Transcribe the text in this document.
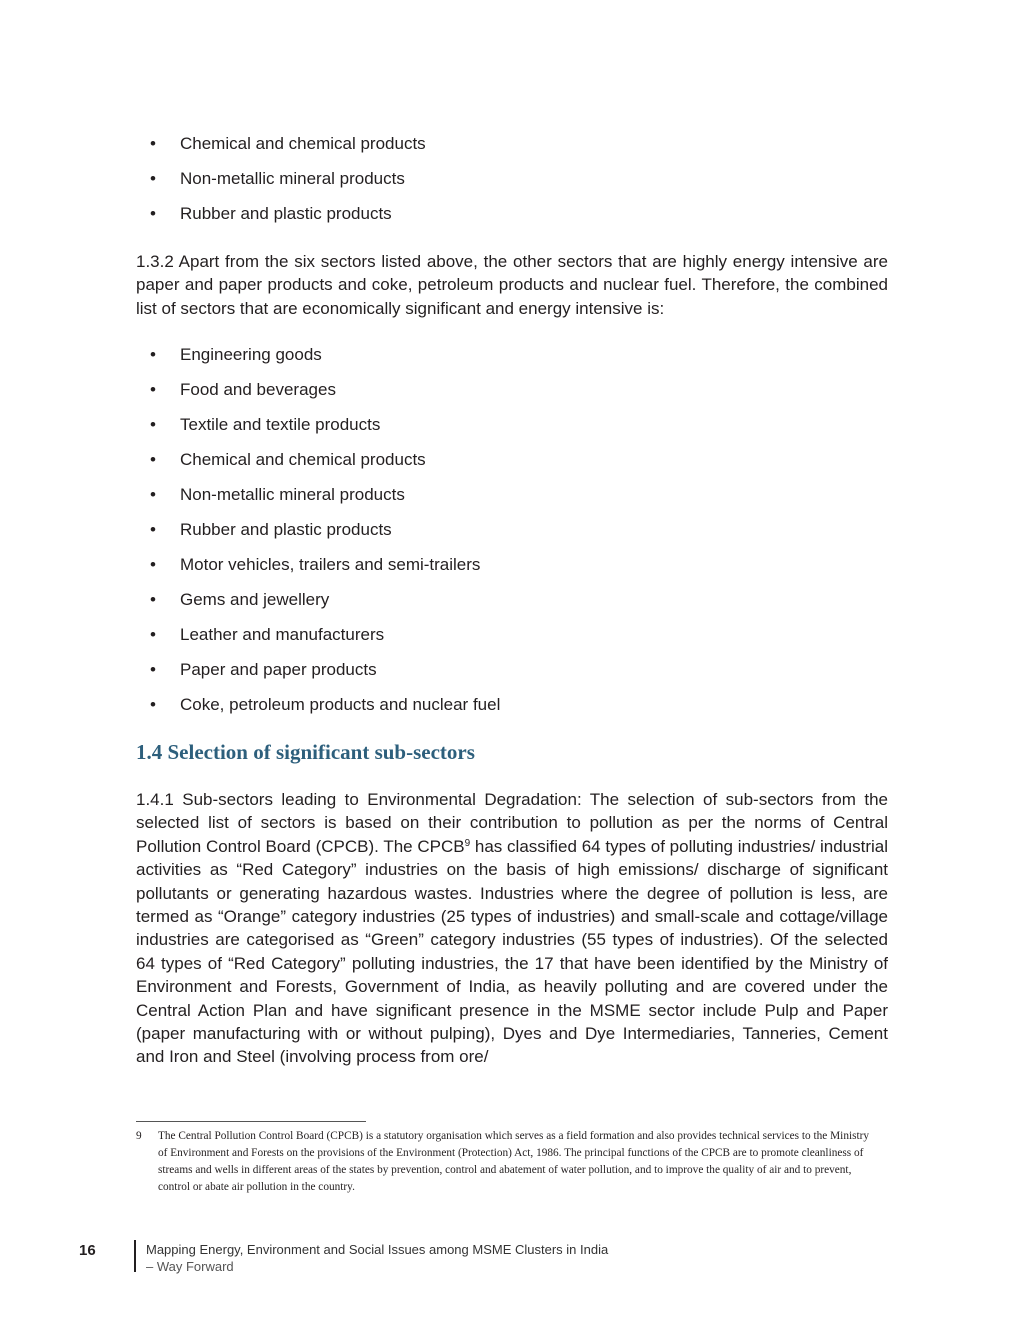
•	Chemical and chemical products
•	Non-metallic mineral products
•	Rubber and plastic products

1.3.2 Apart from the six sectors listed above, the other sectors that are highly energy intensive are paper and paper products and coke, petroleum products and nuclear fuel. Therefore, the combined list of sectors that are economically significant and energy intensive is:

•	Engineering goods
•	Food and beverages
•	Textile and textile products
•	Chemical and chemical products
•	Non-metallic mineral products
•	Rubber and plastic products
•	Motor vehicles, trailers and semi-trailers
•	Gems and jewellery
•	Leather and manufacturers
•	Paper and paper products
•	Coke, petroleum products and nuclear fuel
1.4 Selection of significant sub-sectors

1.4.1 Sub-sectors leading to Environmental Degradation: The selection of sub-sectors from the selected list of sectors is based on their contribution to pollution as per the norms of Central Pollution Control Board (CPCB). The CPCB$^9$ has classified 64 types of polluting industries/ industrial activities as “Red Category” industries on the basis of high emissions/ discharge of significant pollutants or generating hazardous wastes. Industries where the degree of pollution is less, are termed as “Orange” category industries (25 types of industries) and small-scale and cottage/village industries are categorised as “Green” category industries (55 types of industries). Of the selected 64 types of “Red Category” polluting industries, the 17 that have been identified by the Ministry of Environment and Forests, Government of India, as heavily polluting and are covered under the Central Action Plan and have significant presence in the MSME sector include Pulp and Paper (paper manufacturing with or without pulping), Dyes and Dye Intermediaries, Tanneries, Cement and Iron and Steel (involving process from ore/

9	The Central Pollution Control Board (CPCB) is a statutory organisation which serves as a field formation and also provides technical services to the Ministry of Environment and Forests on the provisions of the Environment (Protection) Act, 1986. The principal functions of the CPCB are to promote cleanliness of streams and wells in different areas of the states by prevention, control and abatement of water pollution, and to improve the quality of air and to prevent, control or abate air pollution in the country.
16	Mapping Energy, Environment and Social Issues among MSME Clusters in India
– Way Forward
